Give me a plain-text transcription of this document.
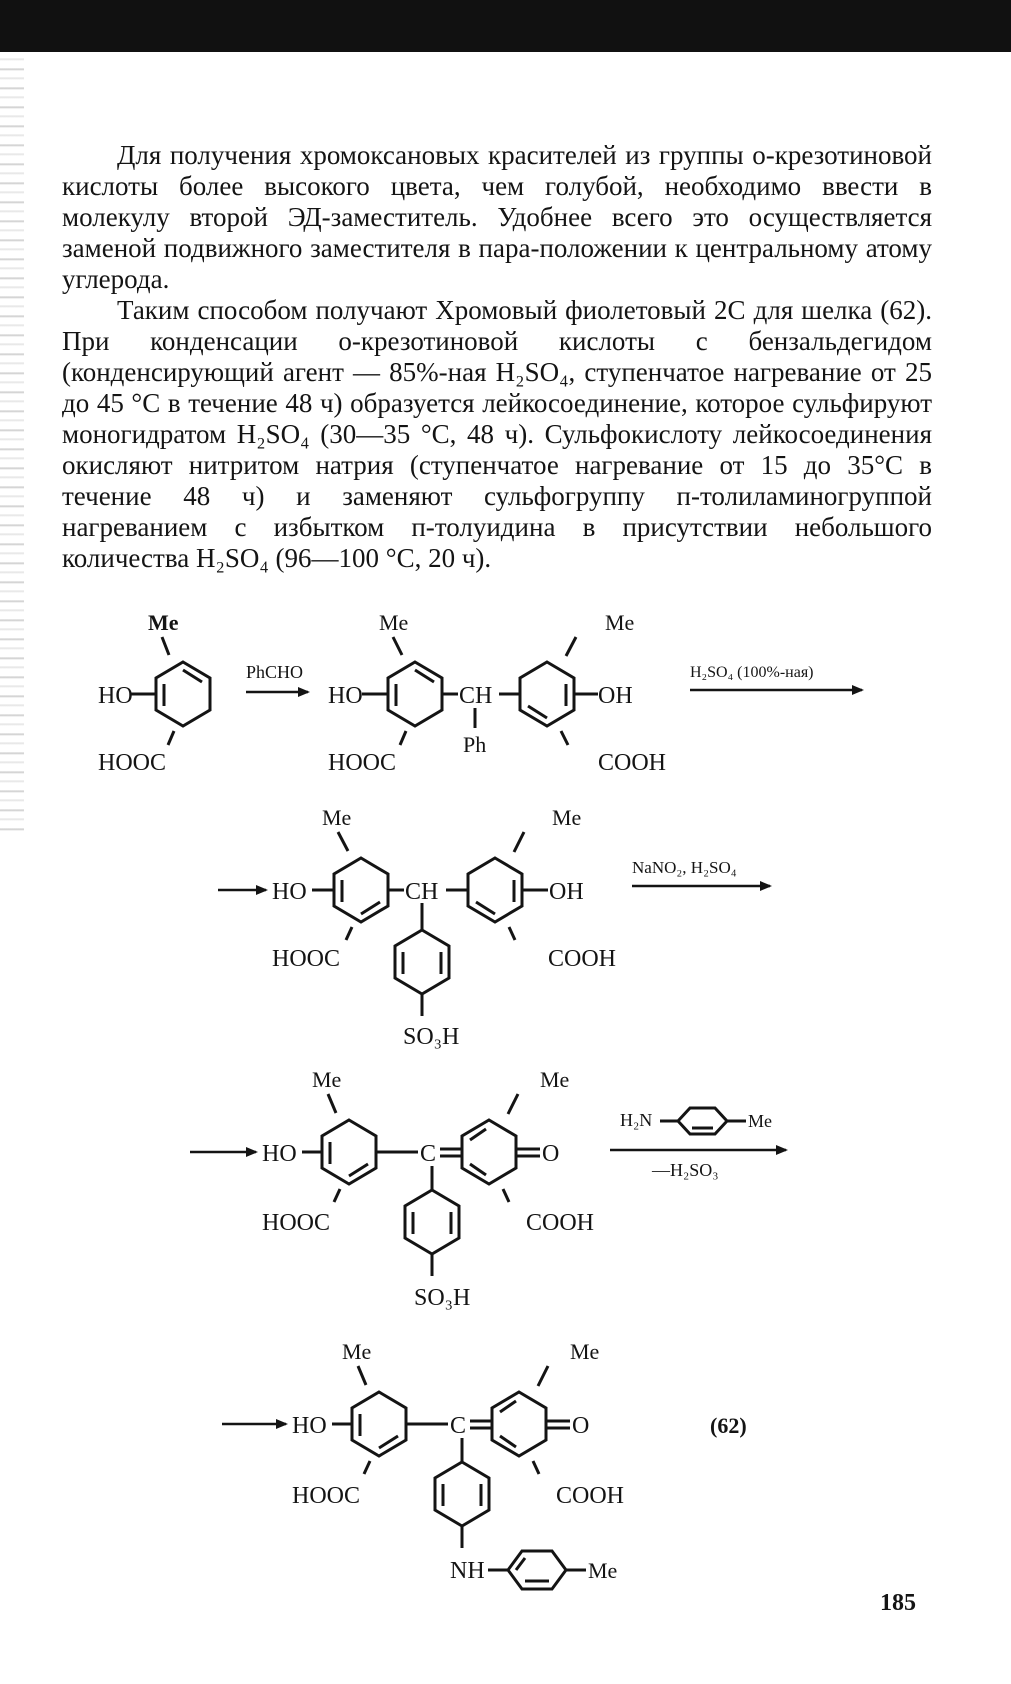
Для получения хромоксановых красителей из группы о-крезотиновой кислоты более высокого цвета, чем голубой, необходимо ввести в молекулу второй ЭД-заместитель. Удобнее всего это осуществляется заменой подвижного заместителя в пара-положении к центральному атому углерода.

Таким способом получают Хромовый фиолетовый 2С для шелка (62). При конденсации о-крезотиновой кислоты с бензальдегидом (конденсирующий агент — 85%-ная H₂SO₄, ступенчатое нагревание от 25 до 45 °С в течение 48 ч) образуется лейкосоединение, которое сульфируют моногидратом H₂SO₄ (30—35 °С, 48 ч). Сульфокислоту лейкосоединения окисляют нитритом натрия (ступенчатое нагревание от 15 до 35°С в течение 48 ч) и заменяют сульфогруппу п-толиламиногруппой нагреванием с избытком п-толуидина в присутствии небольшого количества H₂SO₄ (96—100 °С, 20 ч).

Me
HO
HOOC
PhCHO
Me
HO
HOOC
CH
Ph
Me
OH
COOH
H₂SO₄ (100%-ная)
HO
Me
HOOC
CH
SO₃H
Me
OH
COOH
NaNO₂, H₂SO₄
HO
Me
HOOC
C
SO₃H
Me
O
COOH
H₂N	Me
—H₂SO₃
HO
Me
HOOC
C
NH	Me
Me
O
COOH
(62)
185
